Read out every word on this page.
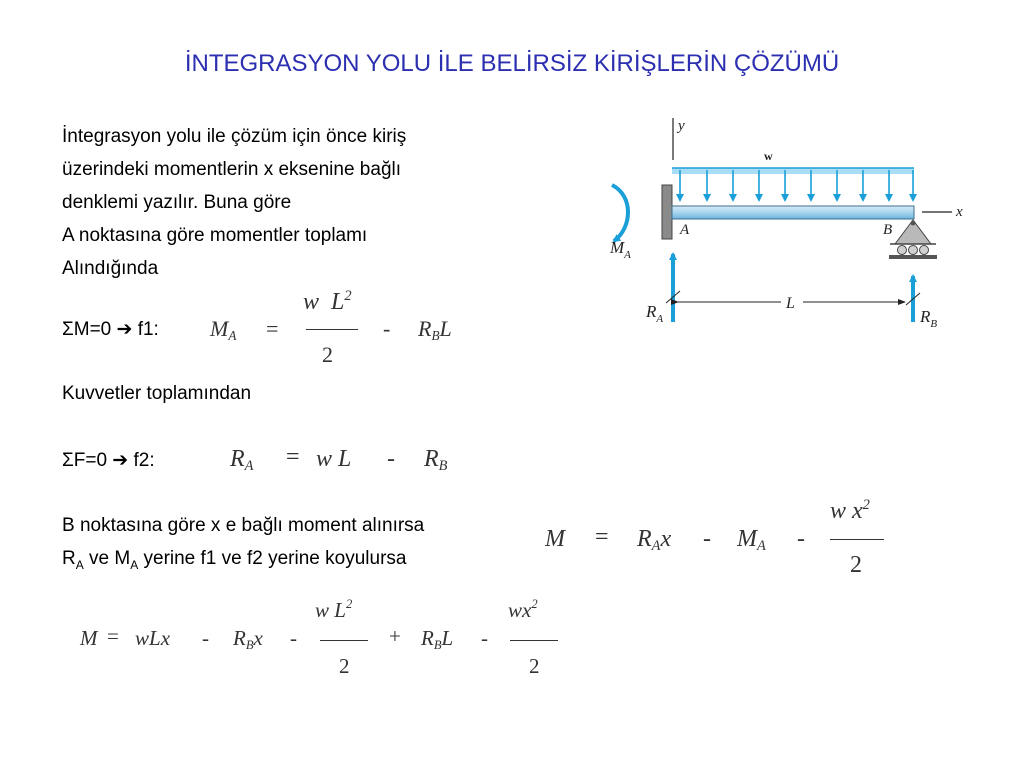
İNTEGRASYON YOLU İLE BELİRSİZ KİRİŞLERİN ÇÖZÜMÜ
İntegrasyon yolu ile çözüm için önce kiriş
üzerindeki momentlerin x eksenine bağlı
denklemi yazılır. Buna göre
A noktasına göre momentler toplamı
Alındığında
ΣM=0 ➔ f1: $M_A$ =
w $L^2$
2
- $R_BL$
Kuvvetler toplamından
ΣF=0 ➔ f2:	$R_A = w$ L - $R_B$
B noktasına göre x e bağlı moment alınırsa
$R_A$ ve $M_A$ yerine f1 ve f2 yerine koyulursa
$M = R_Ax - M_A$ -
w $x^2$
2
M = wLx - $R_Bx$ -
w $L^2$
2
+ $R_BL$ -
$wx^2$
2
y
w
x
A	B
$M_A$
$R_A$	$R_B$
L
